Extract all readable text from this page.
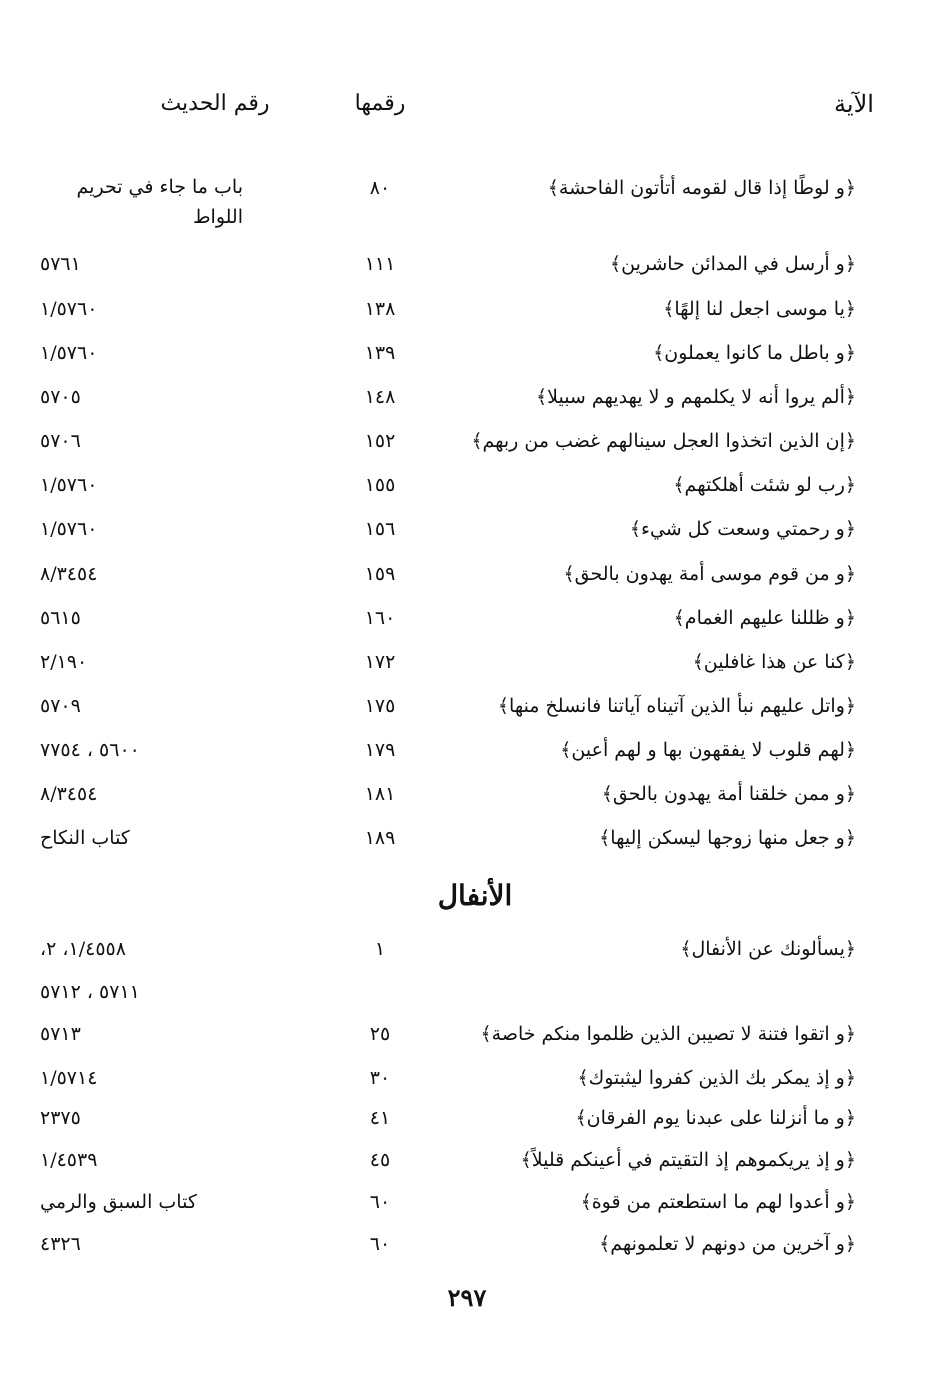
الآية
رقمها
رقم الحديث
﴿و لوطًا إذا قال لقومه أتأتون الفاحشة﴾
٨٠
باب ما جاء في تحريم اللواط
﴿و أرسل في المدائن حاشرين﴾
١١١
٥٧٦١
﴿يا موسى اجعل لنا إلهًا﴾
١٣٨
١/٥٧٦٠
﴿و باطل ما كانوا يعملون﴾
١٣٩
١/٥٧٦٠
﴿ألم يروا أنه لا يكلمهم و لا يهديهم سبيلا﴾
١٤٨
٥٧٠٥
﴿إن الذين اتخذوا العجل سينالهم غضب من ربهم﴾
١٥٢
٥٧٠٦
﴿رب لو شئت أهلكتهم﴾
١٥٥
١/٥٧٦٠
﴿و رحمتي وسعت كل شيء﴾
١٥٦
١/٥٧٦٠
﴿و من قوم موسى أمة يهدون بالحق﴾
١٥٩
٨/٣٤٥٤
﴿و ظللنا عليهم الغمام﴾
١٦٠
٥٦١٥
﴿كنا عن هذا غافلين﴾
١٧٢
٢/١٩٠
﴿واتل عليهم نبأ الذين آتيناه آياتنا فانسلخ منها﴾
١٧٥
٥٧٠٩
﴿لهم قلوب لا يفقهون بها و لهم أعين﴾
١٧٩
٥٦٠٠ ، ٧٧٥٤
﴿و ممن خلقنا أمة يهدون بالحق﴾
١٨١
٨/٣٤٥٤
﴿و جعل منها زوجها ليسكن إليها﴾
١٨٩
كتاب النكاح
الأنفال
﴿يسألونك عن الأنفال﴾
١
١/٤٥٥٨، ٢،
٥٧١١ ، ٥٧١٢
﴿و اتقوا فتنة لا تصيبن الذين ظلموا منكم خاصة﴾
٢٥
٥٧١٣
﴿و إذ يمكر بك الذين كفروا ليثبتوك﴾
٣٠
١/٥٧١٤
﴿و ما أنزلنا على عبدنا يوم الفرقان﴾
٤١
٢٣٧٥
﴿و إذ يريكموهم إذ التقيتم في أعينكم قليلاً﴾
٤٥
١/٤٥٣٩
﴿و أعدوا لهم ما استطعتم من قوة﴾
٦٠
كتاب السبق والرمي
﴿و آخرين من دونهم لا تعلمونهم﴾
٦٠
٤٣٢٦
٢٩٧
